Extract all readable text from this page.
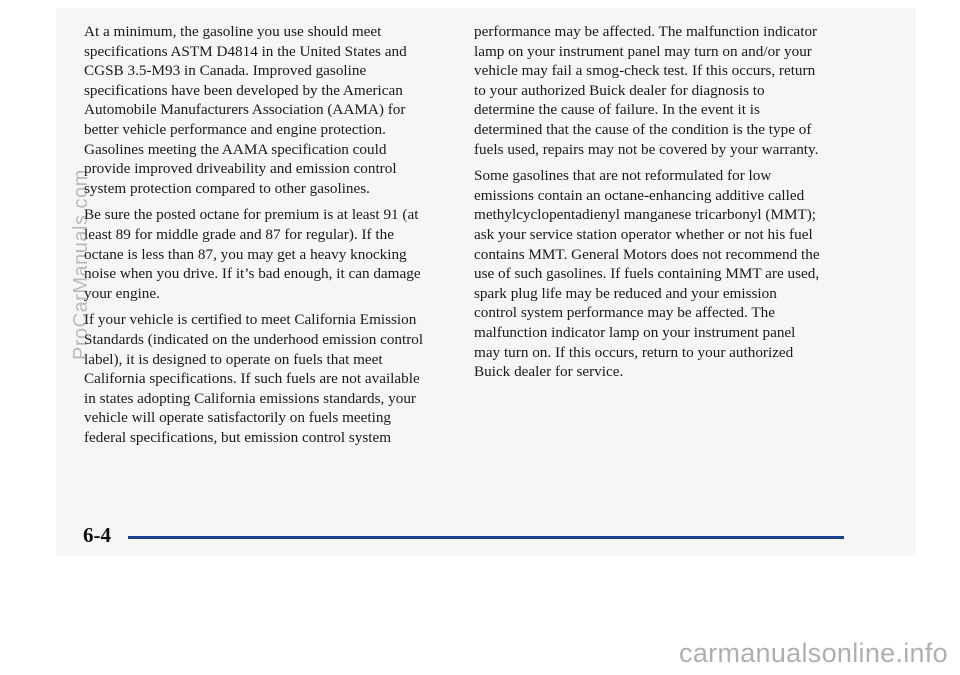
At a minimum, the gasoline you use should meet
specifications ASTM D4814 in the United States and
CGSB 3.5-M93 in Canada. Improved gasoline
specifications have been developed by the American
Automobile Manufacturers Association (AAMA) for
better vehicle performance and engine protection.
Gasolines meeting the AAMA specification could
provide improved driveability and emission control
system protection compared to other gasolines.

Be sure the posted octane for premium is at least 91 (at
least 89 for middle grade and 87 for regular). If the
octane is less than 87, you may get a heavy knocking
noise when you drive. If it’s bad enough, it can damage
your engine.

If your vehicle is certified to meet California Emission
Standards (indicated on the underhood emission control
label), it is designed to operate on fuels that meet
California specifications. If such fuels are not available
in states adopting California emissions standards, your
vehicle will operate satisfactorily on fuels meeting
federal specifications, but emission control system

performance may be affected. The malfunction indicator
lamp on your instrument panel may turn on and/or your
vehicle may fail a smog-check test. If this occurs, return
to your authorized Buick dealer for diagnosis to
determine the cause of failure. In the event it is
determined that the cause of the condition is the type of
fuels used, repairs may not be covered by your warranty.

Some gasolines that are not reformulated for low
emissions contain an octane-enhancing additive called
methylcyclopentadienyl manganese tricarbonyl (MMT);
ask your service station operator whether or not his fuel
contains MMT. General Motors does not recommend the
use of such gasolines. If fuels containing MMT are used,
spark plug life may be reduced and your emission
control system performance may be affected. The
malfunction indicator lamp on your instrument panel
may turn on. If this occurs, return to your authorized
Buick dealer for service.

6-4
ProCarManuals.com
carmanualsonline.info
